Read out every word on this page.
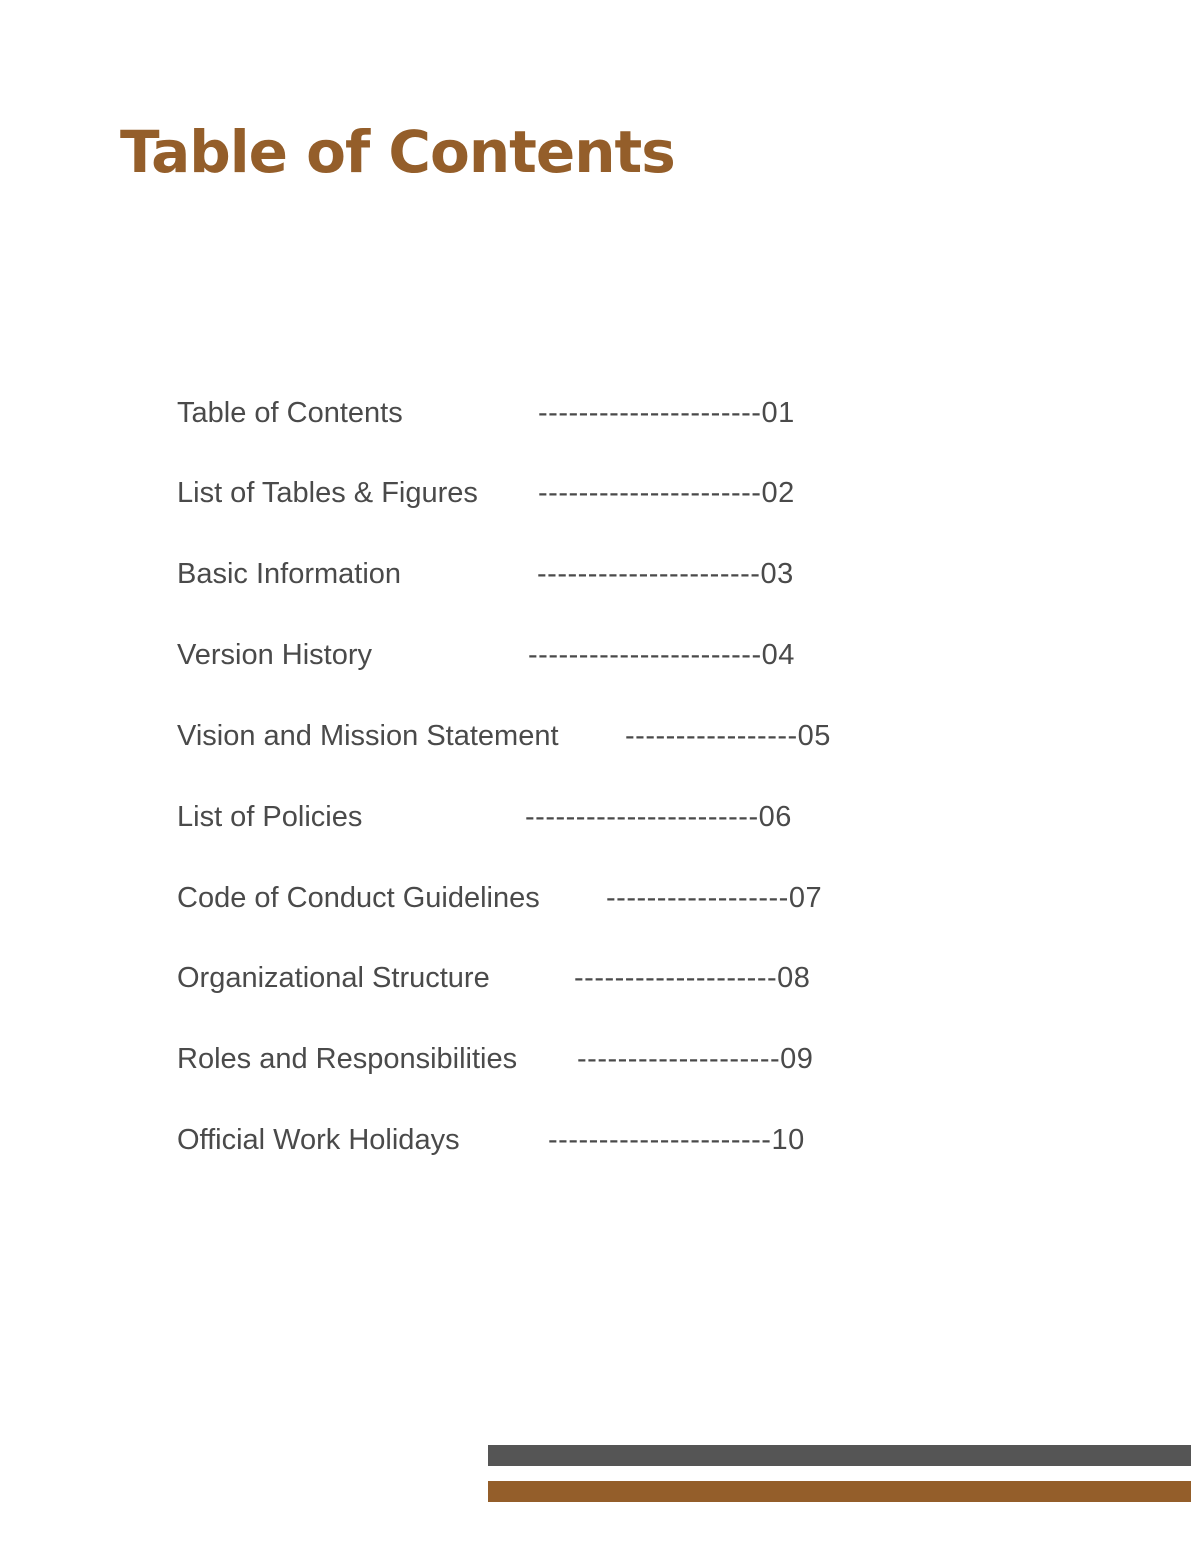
Table of Contents
Table of Contents	----------------------01
List of Tables & Figures ----------------------02
Basic Information	----------------------03
Version History	-----------------------04
Vision and Mission Statement -----------------05
List of Policies	-----------------------06
Code of Conduct Guidelines ------------------07
Organizational Structure	--------------------08
Roles and Responsibilities --------------------09
Official Work Holidays	----------------------10
